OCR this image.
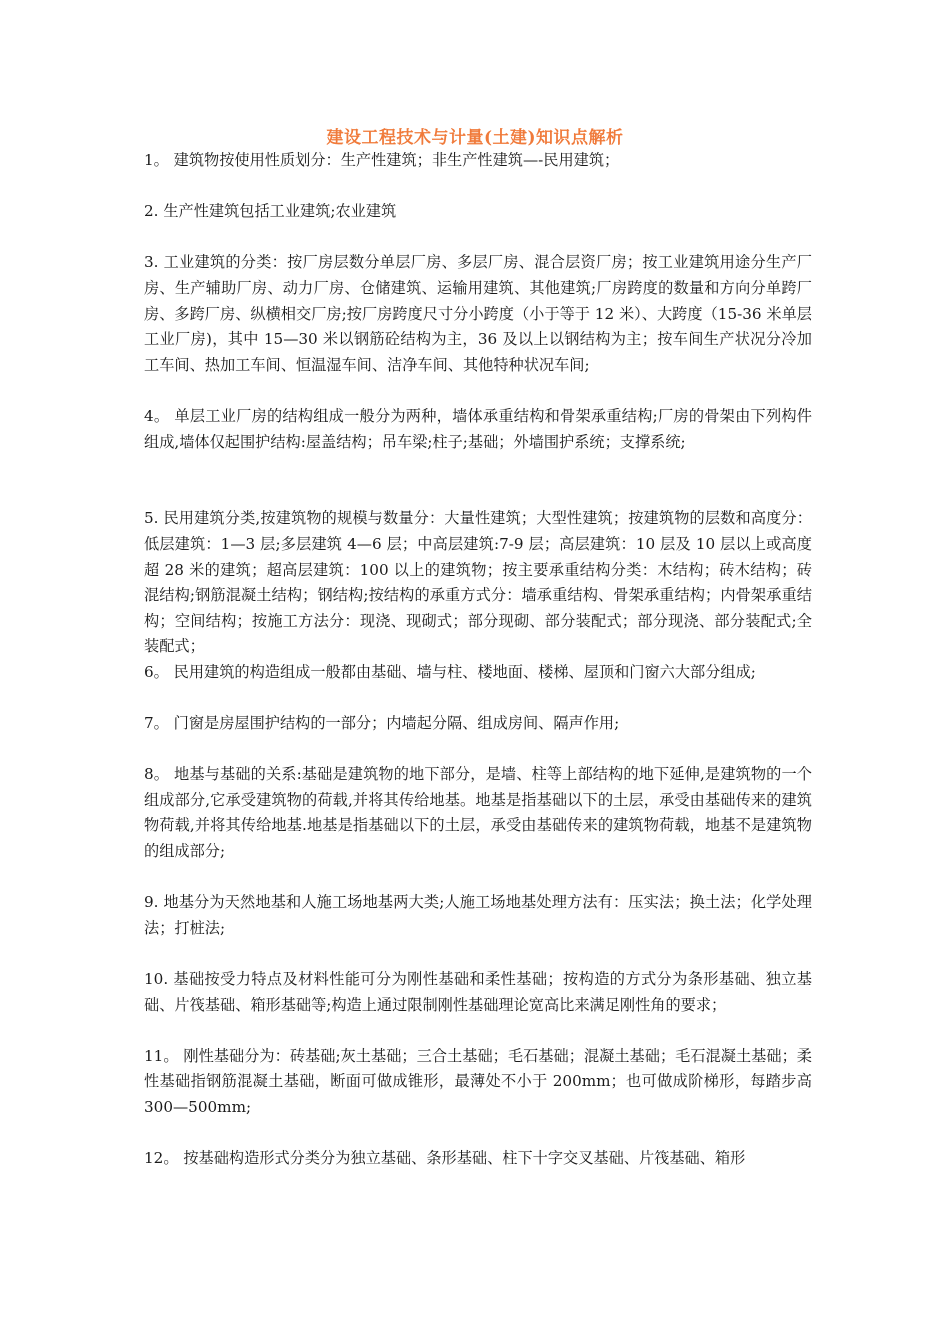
建设工程技术与计量(土建)知识点解析

1。 建筑物按使用性质划分：生产性建筑；非生产性建筑—-民用建筑；

2. 生产性建筑包括工业建筑;农业建筑

3. 工业建筑的分类：按厂房层数分单层厂房、多层厂房、混合层资厂房；按工业建筑用途分生产厂房、生产辅助厂房、动力厂房、仓储建筑、运输用建筑、其他建筑;厂房跨度的数量和方向分单跨厂房、多跨厂房、纵横相交厂房;按厂房跨度尺寸分小跨度（小于等于 12 米）、大跨度（15-36 米单层工业厂房)，其中 15—30 米以钢筋砼结构为主，36 及以上以钢结构为主；按车间生产状况分冷加工车间、热加工车间、恒温湿车间、洁净车间、其他特种状况车间;

4。 单层工业厂房的结构组成一般分为两种，墙体承重结构和骨架承重结构;厂房的骨架由下列构件组成,墙体仅起围护结构:屋盖结构；吊车梁;柱子;基础；外墙围护系统；支撑系统;

5. 民用建筑分类,按建筑物的规模与数量分：大量性建筑；大型性建筑；按建筑物的层数和高度分：低层建筑：1—3 层;多层建筑 4—6 层；中高层建筑:7-9 层；高层建筑：10 层及 10 层以上或高度超 28 米的建筑；超高层建筑：100 以上的建筑物；按主要承重结构分类：木结构；砖木结构；砖混结构;钢筋混凝土结构；钢结构;按结构的承重方式分：墙承重结构、骨架承重结构；内骨架承重结构；空间结构；按施工方法分：现浇、现砌式；部分现砌、部分装配式；部分现浇、部分装配式;全装配式；

6。 民用建筑的构造组成一般都由基础、墙与柱、楼地面、楼梯、屋顶和门窗六大部分组成;

7。 门窗是房屋围护结构的一部分；内墙起分隔、组成房间、隔声作用;

8。 地基与基础的关系:基础是建筑物的地下部分，是墙、柱等上部结构的地下延伸,是建筑物的一个组成部分,它承受建筑物的荷载,并将其传给地基。地基是指基础以下的土层，承受由基础传来的建筑物荷载,并将其传给地基.地基是指基础以下的土层，承受由基础传来的建筑物荷载，地基不是建筑物的组成部分;

9. 地基分为天然地基和人施工场地基两大类;人施工场地基处理方法有：压实法；换土法；化学处理法；打桩法;

10. 基础按受力特点及材料性能可分为刚性基础和柔性基础；按构造的方式分为条形基础、独立基础、片筏基础、箱形基础等;构造上通过限制刚性基础理论宽高比来满足刚性角的要求；

11。 刚性基础分为：砖基础;灰土基础；三合土基础；毛石基础；混凝土基础；毛石混凝土基础；柔性基础指钢筋混凝土基础，断面可做成锥形，最薄处不小于 200mm；也可做成阶梯形，每踏步高 300—500mm;

12。 按基础构造形式分类分为独立基础、条形基础、柱下十字交叉基础、片筏基础、箱形
